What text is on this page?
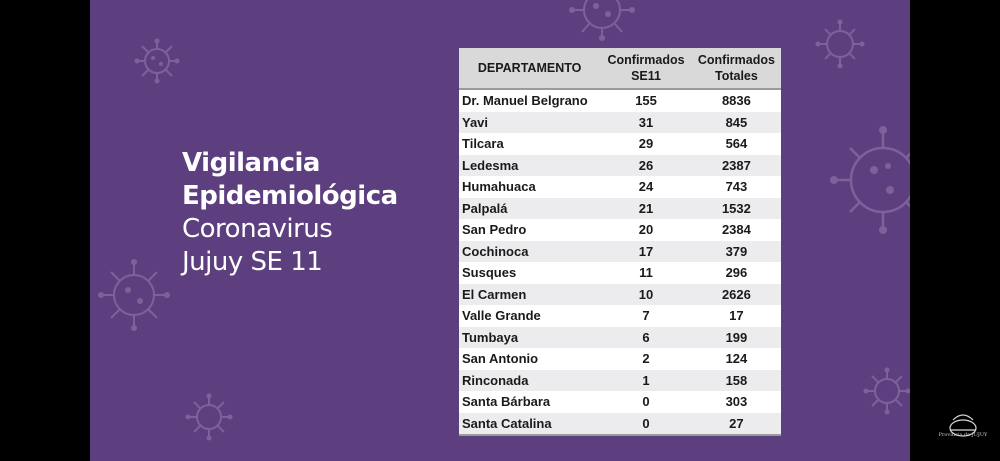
Vigilancia
Epidemiológica
Coronavirus
Jujuy SE 11
DEPARTAMENTO	Confirmados SE11	Confirmados Totales
Dr. Manuel Belgrano	155	8836
Yavi	31	845
Tilcara	29	564
Ledesma	26	2387
Humahuaca	24	743
Palpalá	21	1532
San Pedro	20	2384
Cochinoca	17	379
Susques	11	296
El Carmen	10	2626
Valle Grande	7	17
Tumbaya	6	199
San Antonio	2	124
Rinconada	1	158
Santa Bárbara	0	303
Santa Catalina	0	27
Provincia de JUJUY
